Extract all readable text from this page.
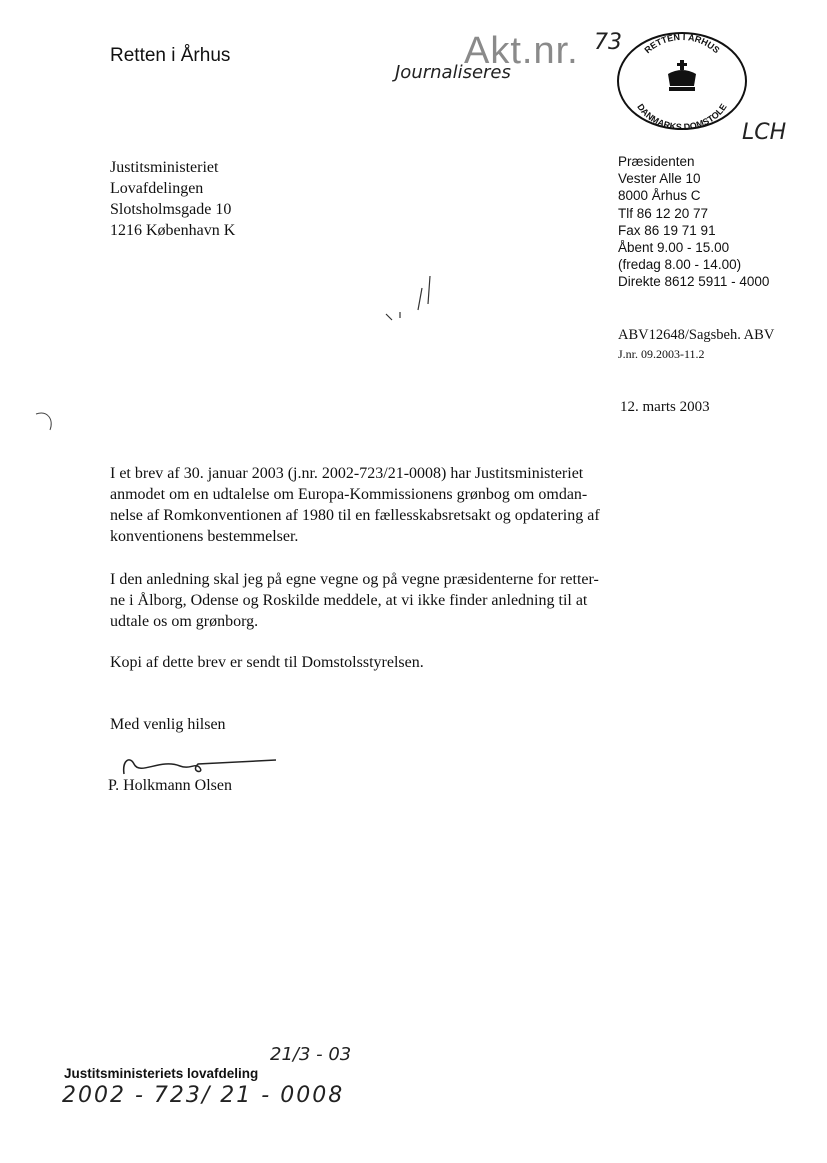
Retten i Århus	Akt.nr. 73
Journaliseres
LCH
RETTEN I ÅRHUS
DANMARKS DOMSTOLE
Justitsministeriet
Lovafdelingen
Slotsholmsgade 10
1216 København K
Præsidenten
Vester Alle 10
8000 Århus C
Tlf 86 12 20 77
Fax 86 19 71 91
Åbent 9.00 - 15.00
(fredag 8.00 - 14.00)
Direkte 8612 5911 - 4000
ABV12648/Sagsbeh. ABV
J.nr. 09.2003-11.2
12. marts 2003
I et brev af 30. januar 2003 (j.nr. 2002-723/21-0008) har Justitsministeriet
anmodet om en udtalelse om Europa-Kommissionens grønbog om omdan-
nelse af Romkonventionen af 1980 til en fællesskabsretsakt og opdatering af
konventionens bestemmelser.
I den anledning skal jeg på egne vegne og på vegne præsidenterne for retter-
ne i Ålborg, Odense og Roskilde meddele, at vi ikke finder anledning til at
udtale os om grønborg.
Kopi af dette brev er sendt til Domstolsstyrelsen.
Med venlig hilsen
P. Holkmann Olsen
21/3 - 03
Justitsministeriets lovafdeling
2002 - 723/ 21 - 0008
